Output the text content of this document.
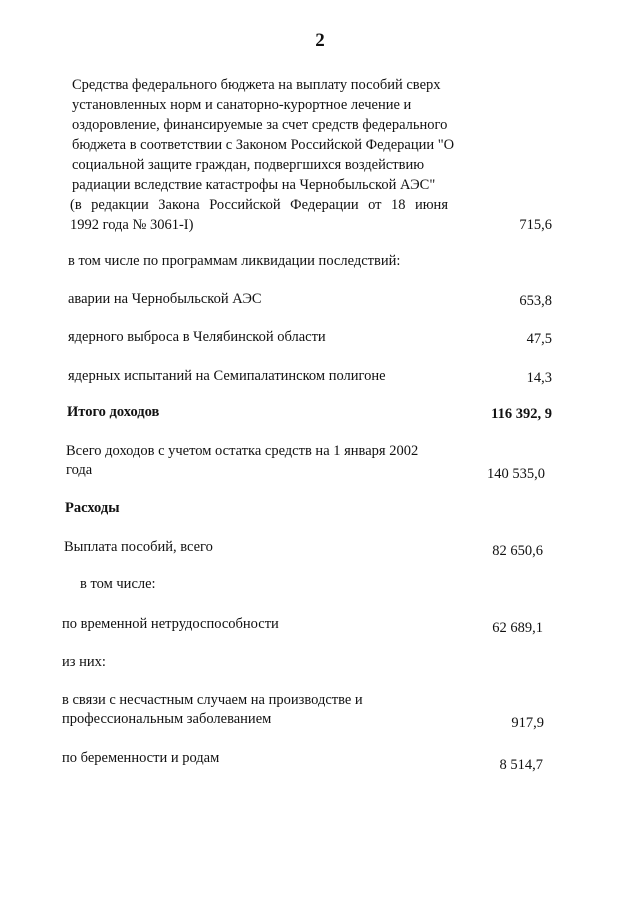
2
Средства федерального бюджета на выплату пособий сверх
установленных норм и санаторно-курортное лечение и
оздоровление, финансируемые за счет средств федерального
бюджета в соответствии с Законом Российской Федерации "О
социальной защите граждан, подвергшихся воздействию
радиации вследствие катастрофы на Чернобыльской АЭС"
(в редакции Закона Российской Федерации от 18 июня
1992 года № 3061-I)	715,6
в том числе по программам ликвидации последствий:
аварии на Чернобыльской АЭС	653,8
ядерного выброса в Челябинской области	47,5
ядерных испытаний на Семипалатинском полигоне	14,3
Итого доходов	116 392, 9
Всего доходов с учетом остатка средств на 1 января 2002
года	140 535,0
Расходы
Выплата пособий, всего	82 650,6
в том числе:
по временной нетрудоспособности	62 689,1
из них:
в связи с несчастным случаем на производстве и
профессиональным заболеванием	917,9
по беременности и родам	8 514,7
